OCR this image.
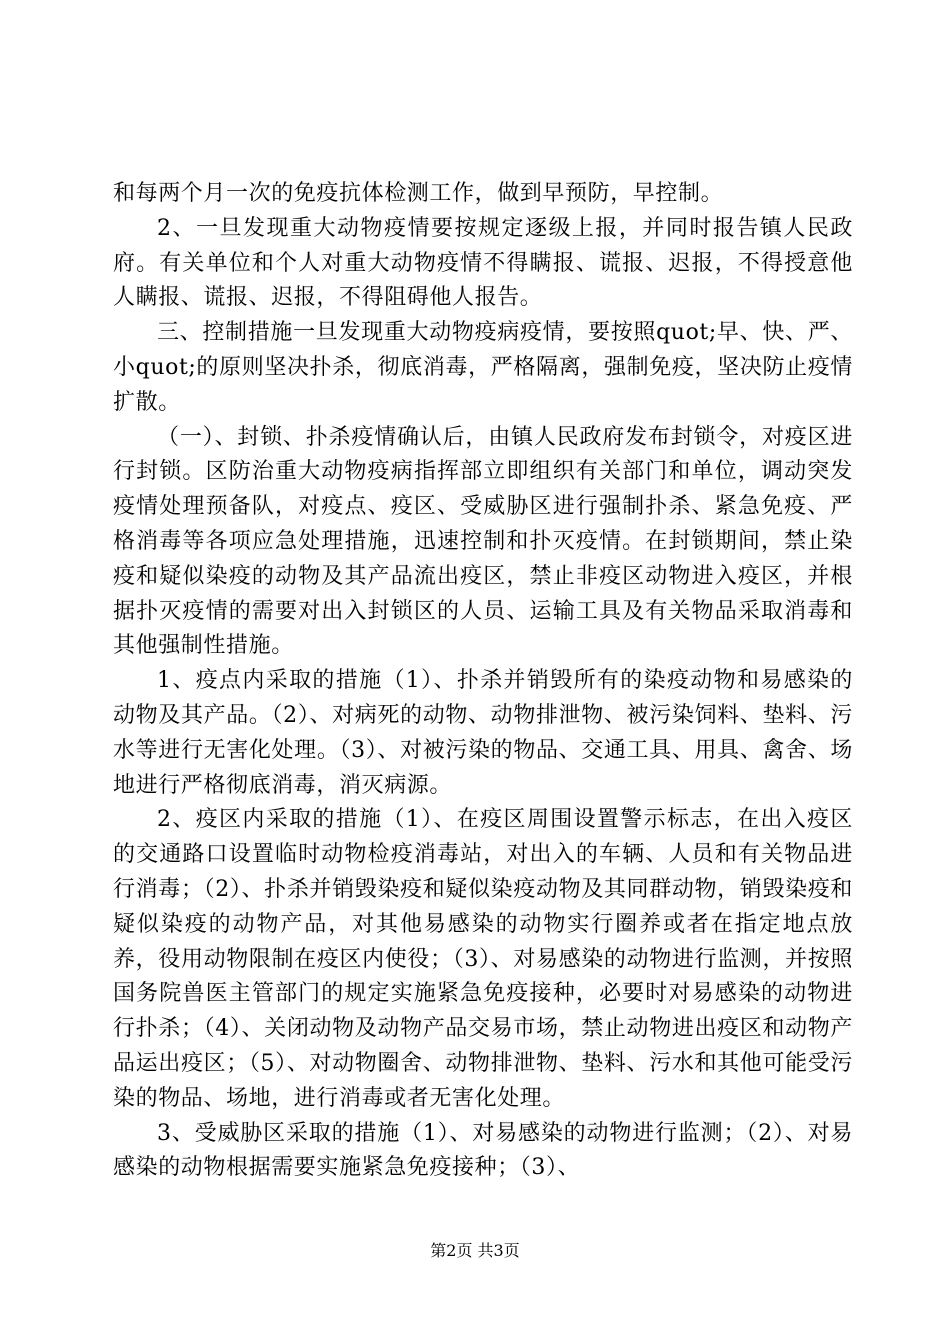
和每两个月一次的免疫抗体检测工作，做到早预防，早控制。

2、一旦发现重大动物疫情要按规定逐级上报，并同时报告镇人民政府。有关单位和个人对重大动物疫情不得瞒报、谎报、迟报，不得授意他人瞒报、谎报、迟报，不得阻碍他人报告。

三、控制措施一旦发现重大动物疫病疫情，要按照quot;早、快、严、小quot;的原则坚决扑杀，彻底消毒，严格隔离，强制免疫，坚决防止疫情扩散。

（一）、封锁、扑杀疫情确认后，由镇人民政府发布封锁令，对疫区进行封锁。区防治重大动物疫病指挥部立即组织有关部门和单位，调动突发疫情处理预备队，对疫点、疫区、受威胁区进行强制扑杀、紧急免疫、严格消毒等各项应急处理措施，迅速控制和扑灭疫情。在封锁期间，禁止染疫和疑似染疫的动物及其产品流出疫区，禁止非疫区动物进入疫区，并根据扑灭疫情的需要对出入封锁区的人员、运输工具及有关物品采取消毒和其他强制性措施。

1、疫点内采取的措施（1）、扑杀并销毁所有的染疫动物和易感染的动物及其产品。（2）、对病死的动物、动物排泄物、被污染饲料、垫料、污水等进行无害化处理。（3）、对被污染的物品、交通工具、用具、禽舍、场地进行严格彻底消毒，消灭病源。

2、疫区内采取的措施（1）、在疫区周围设置警示标志，在出入疫区的交通路口设置临时动物检疫消毒站，对出入的车辆、人员和有关物品进行消毒；（2）、扑杀并销毁染疫和疑似染疫动物及其同群动物，销毁染疫和疑似染疫的动物产品，对其他易感染的动物实行圈养或者在指定地点放养，役用动物限制在疫区内使役；（3）、对易感染的动物进行监测，并按照国务院兽医主管部门的规定实施紧急免疫接种，必要时对易感染的动物进行扑杀；（4）、关闭动物及动物产品交易市场，禁止动物进出疫区和动物产品运出疫区；（5）、对动物圈舍、动物排泄物、垫料、污水和其他可能受污染的物品、场地，进行消毒或者无害化处理。

3、受威胁区采取的措施（1）、对易感染的动物进行监测；（2）、对易感染的动物根据需要实施紧急免疫接种；（3）、

第2页 共3页
